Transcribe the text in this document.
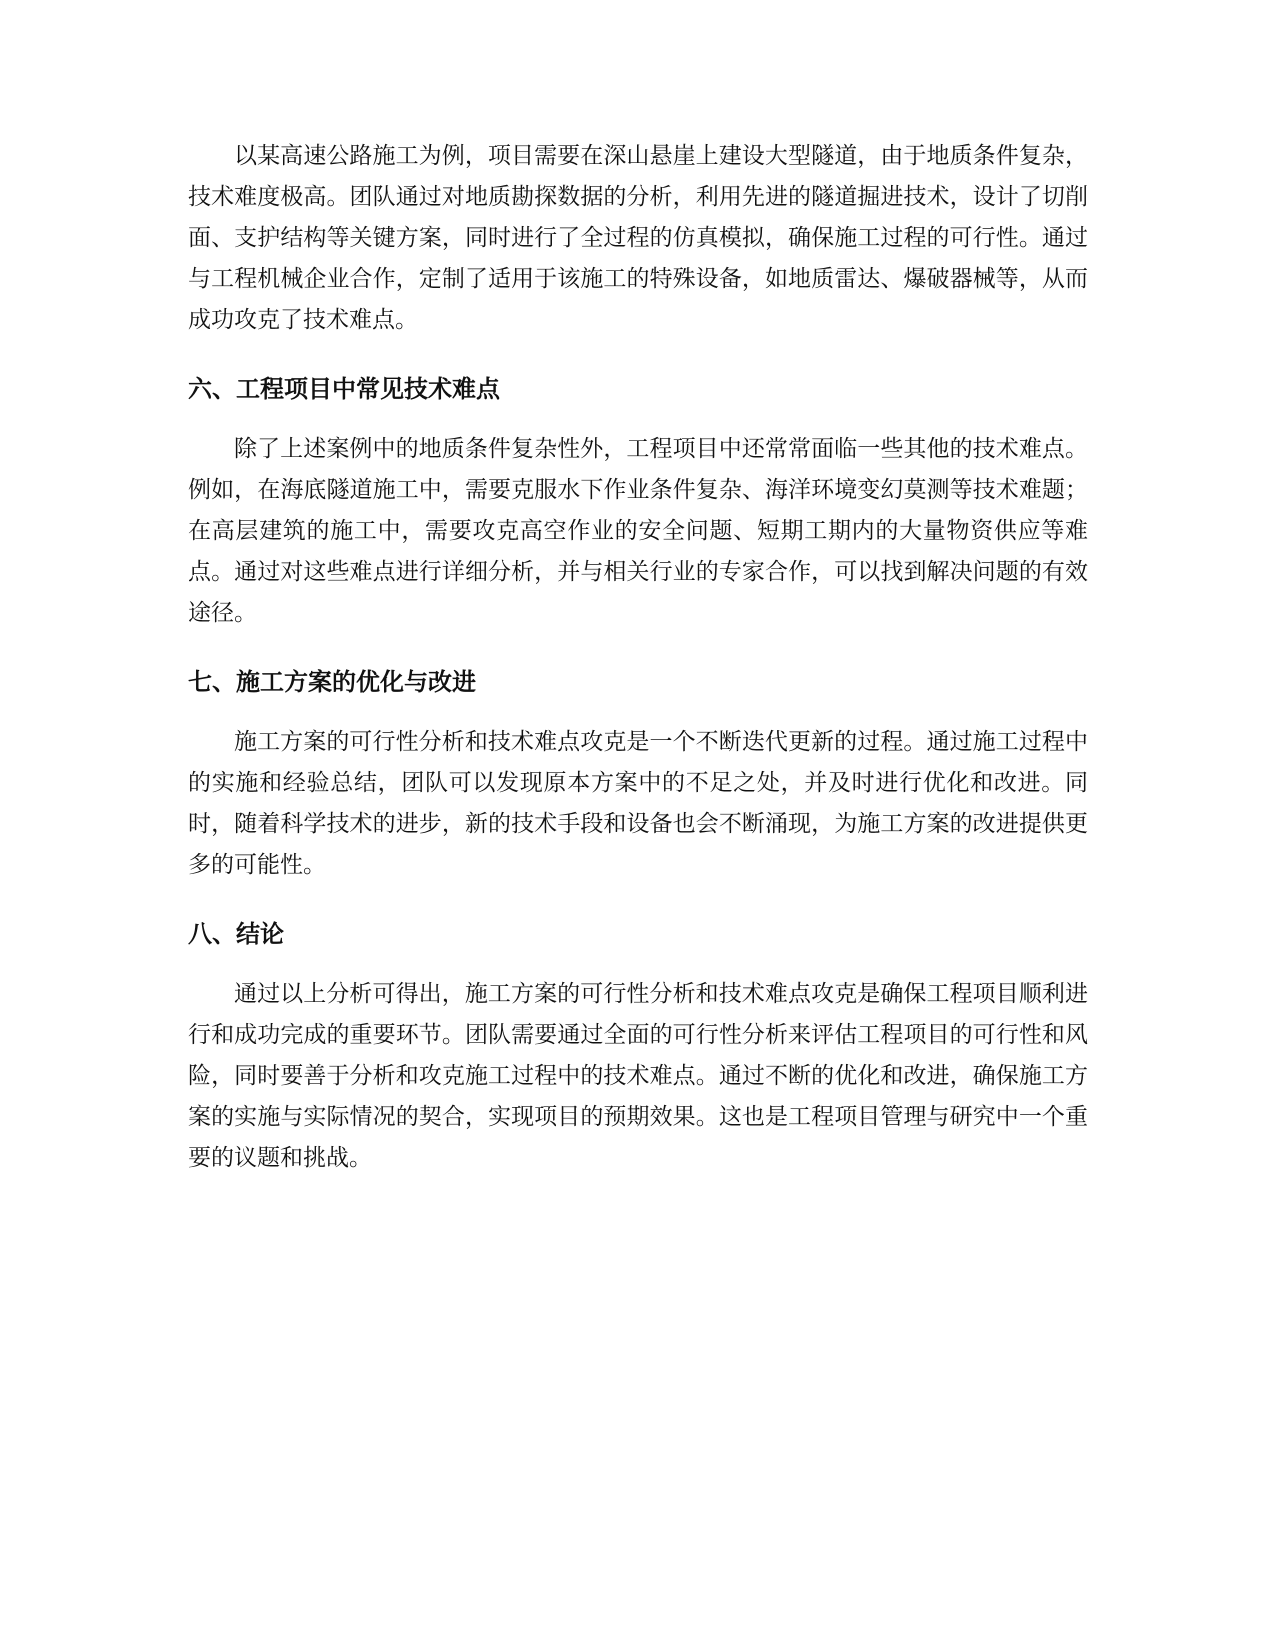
以某高速公路施工为例，项目需要在深山悬崖上建设大型隧道，由于地质条件复杂，技术难度极高。团队通过对地质勘探数据的分析，利用先进的隧道掘进技术，设计了切削面、支护结构等关键方案，同时进行了全过程的仿真模拟，确保施工过程的可行性。通过与工程机械企业合作，定制了适用于该施工的特殊设备，如地质雷达、爆破器械等，从而成功攻克了技术难点。

六、工程项目中常见技术难点

除了上述案例中的地质条件复杂性外，工程项目中还常常面临一些其他的技术难点。例如，在海底隧道施工中，需要克服水下作业条件复杂、海洋环境变幻莫测等技术难题；在高层建筑的施工中，需要攻克高空作业的安全问题、短期工期内的大量物资供应等难点。通过对这些难点进行详细分析，并与相关行业的专家合作，可以找到解决问题的有效途径。

七、施工方案的优化与改进

施工方案的可行性分析和技术难点攻克是一个不断迭代更新的过程。通过施工过程中的实施和经验总结，团队可以发现原本方案中的不足之处，并及时进行优化和改进。同时，随着科学技术的进步，新的技术手段和设备也会不断涌现，为施工方案的改进提供更多的可能性。

八、结论

通过以上分析可得出，施工方案的可行性分析和技术难点攻克是确保工程项目顺利进行和成功完成的重要环节。团队需要通过全面的可行性分析来评估工程项目的可行性和风险，同时要善于分析和攻克施工过程中的技术难点。通过不断的优化和改进，确保施工方案的实施与实际情况的契合，实现项目的预期效果。这也是工程项目管理与研究中一个重要的议题和挑战。
